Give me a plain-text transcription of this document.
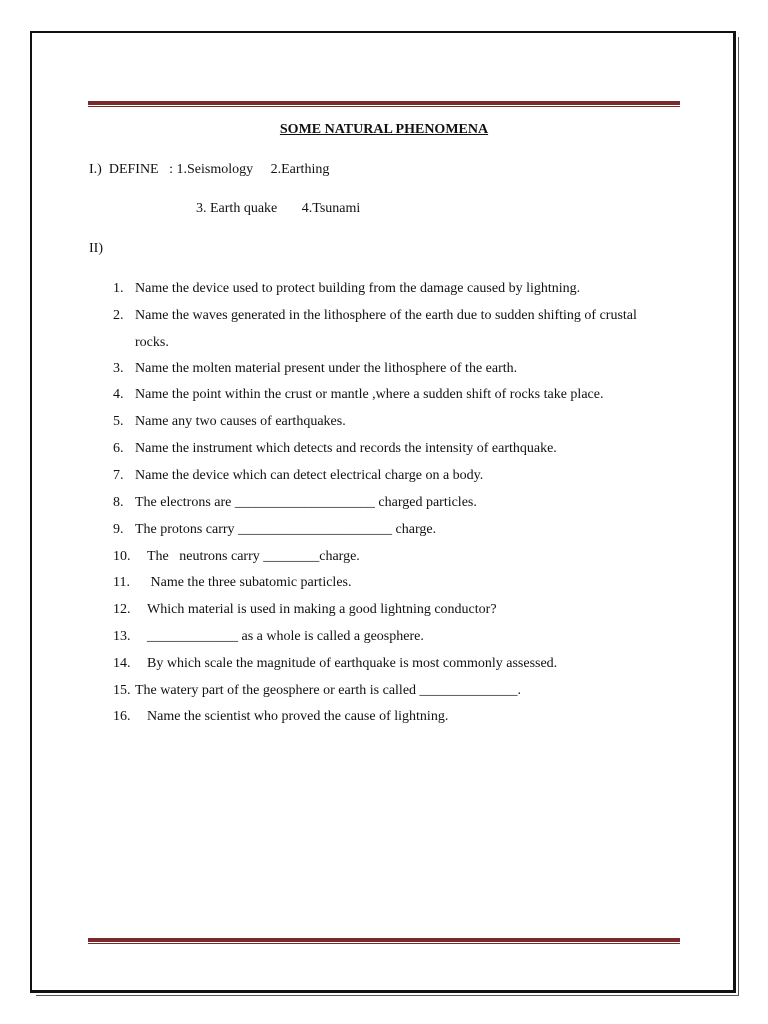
SOME NATURAL PHENOMENA
I.) DEFINE   : 1.Seismology 2.Earthing
3. Earth quake 4.Tsunami
II)
1. Name the device used to protect building from the damage caused by lightning.
2. Name the waves generated in the lithosphere of the earth due to sudden shifting of crustal
rocks.
3. Name the molten material present under the lithosphere of the earth.
4. Name the point within the crust or mantle ,where a sudden shift of rocks take place.
5. Name any two causes of earthquakes.
6. Name the instrument which detects and records the intensity of earthquake.
7. Name the device which can detect electrical charge on a body.
8. The electrons are ____________________ charged particles.
9. The protons carry ______________________ charge.
10. The   neutrons carry ________charge.
11. Name the three subatomic particles.
12. Which material is used in making a good lightning conductor?
13. _____________ as a whole is called a geosphere.
14. By which scale the magnitude of earthquake is most commonly assessed.
15. The watery part of the geosphere or earth is called ______________.
16. Name the scientist who proved the cause of lightning.
